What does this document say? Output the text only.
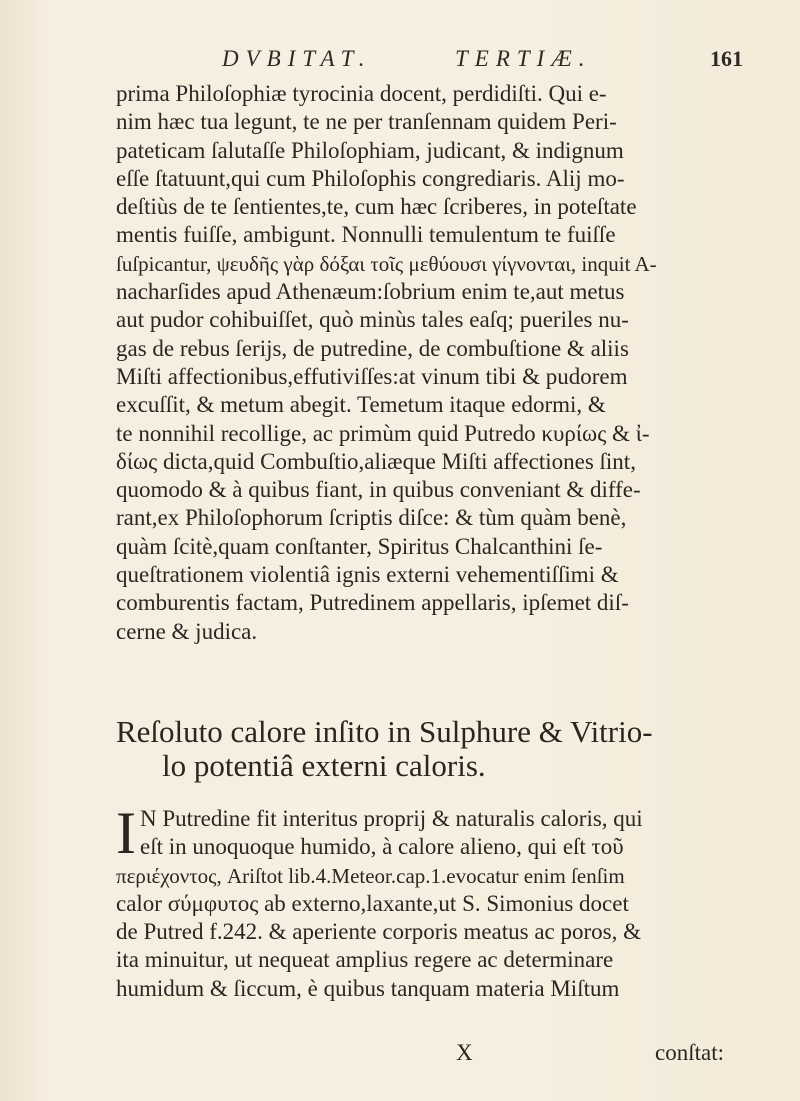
DVBITAT.	TERTIÆ.	161
prima Philoſophiæ tyrocinia docent, perdidiſti. Qui e-
nim hæc tua legunt, te ne per tranſennam quidem Peri-
pateticam ſalutaſſe Philoſophiam, judicant, & indignum
eſſe ſtatuunt,qui cum Philoſophis congrediaris. Alij mo-
deſtiùs de te ſentientes,te, cum hæc ſcriberes, in poteſtate
mentis fuiſſe, ambigunt. Nonnulli temulentum te fuiſſe
ſuſpicantur, ψευδῆς γὰρ δόξαι τοῖς μεθύουσι γίγνονται, inquit A-
nacharſides apud Athenæum:ſobrium enim te,aut metus
aut pudor cohibuiſſet, quò minùs tales eaſq; pueriles nu-
gas de rebus ſerijs, de putredine, de combuſtione & aliis
Miſti affectionibus,effutiviſſes:at vinum tibi & pudorem
excuſſit, & metum abegit. Temetum itaque edormi, &
te nonnihil recollige, ac primùm quid Putredo κυρίως & ἰ-
δίως dicta,quid Combuſtio,aliæque Miſti affectiones ſint,
quomodo & à quibus fiant, in quibus conveniant & diffe-
rant,ex Philoſophorum ſcriptis diſce: & tùm quàm benè,
quàm ſcitè,quam conſtanter, Spiritus Chalcanthini ſe-
queſtrationem violentiâ ignis externi vehementiſſimi &
comburentis factam, Putredinem appellaris, ipſemet diſ-
cerne & judica.
Reſoluto calore inſito in Sulphure & Vitrio-
lo potentiâ externi caloris.
I N Putredine fit interitus proprij & naturalis caloris, qui
eſt in unoquoque humido, à calore alieno, qui eſt τοῦ
περιέχοντος, Ariſtot lib.4.Meteor.cap.1.evocatur enim ſenſim
calor σύμφυτος ab externo,laxante,ut S. Simonius docet
de Putred f.242. & aperiente corporis meatus ac poros, &
ita minuitur, ut nequeat amplius regere ac determinare
humidum & ſiccum, è quibus tanquam materia Miſtum
X	conſtat:
